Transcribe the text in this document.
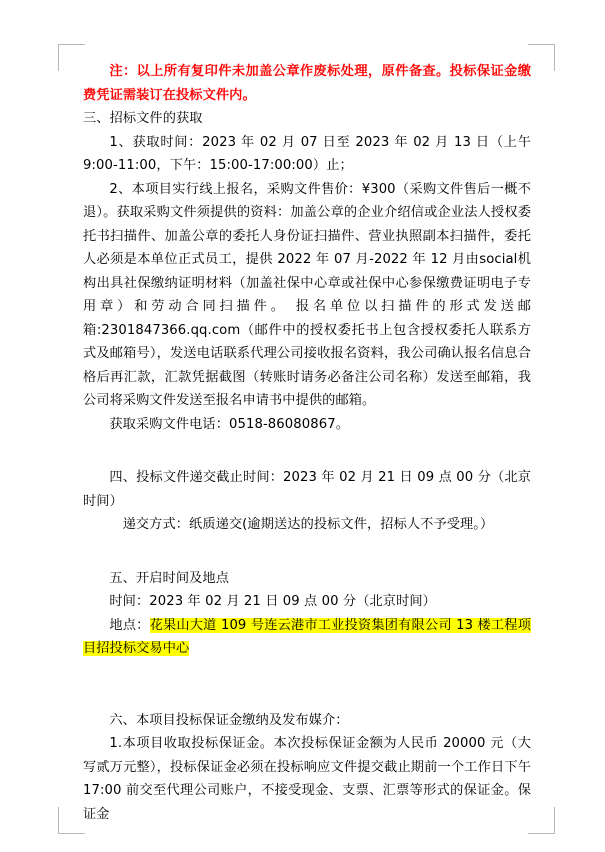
注：以上所有复印件未加盖公章作废标处理，原件备查。投标保证金缴费凭证需装订在投标文件内。

三、招标文件的获取

1、获取时间：2023 年 02 月 07 日至 2023 年 02 月 13 日（上午 9:00-11:00，下午：15:00-17:00:00）止；

2、本项目实行线上报名，采购文件售价：¥300（采购文件售后一概不退）。获取采购文件须提供的资料：加盖公章的企业介绍信或企业法人授权委托书扫描件、加盖公章的委托人身份证扫描件、营业执照副本扫描件，委托人必须是本单位正式员工，提供 2022 年 07 月-2022 年 12 月由social机构出具社保缴纳证明材料（加盖社保中心章或社保中心参保缴费证明电子专用章）和劳动合同扫描件。 报名单位以扫描件的形式发送邮箱:2301847366.qq.com（邮件中的授权委托书上包含授权委托人联系方式及邮箱号），发送电话联系代理公司接收报名资料，我公司确认报名信息合格后再汇款，汇款凭据截图（转账时请务必备注公司名称）发送至邮箱，我公司将采购文件发送至报名申请书中提供的邮箱。

获取采购文件电话：0518-86080867。

四、投标文件递交截止时间：2023 年 02 月 21 日 09 点 00 分（北京时间）

递交方式：纸质递交(逾期送达的投标文件，招标人不予受理。）

五、开启时间及地点

时间：2023 年 02 月 21 日 09 点 00 分（北京时间）

地点：花果山大道 109 号连云港市工业投资集团有限公司 13 楼工程项目招投标交易中心

六、本项目投标保证金缴纳及发布媒介：

1.本项目收取投标保证金。本次投标保证金额为人民币 20000 元（大写贰万元整），投标保证金必须在投标响应文件提交截止期前一个工作日下午 17:00 前交至代理公司账户，不接受现金、支票、汇票等形式的保证金。保证金
